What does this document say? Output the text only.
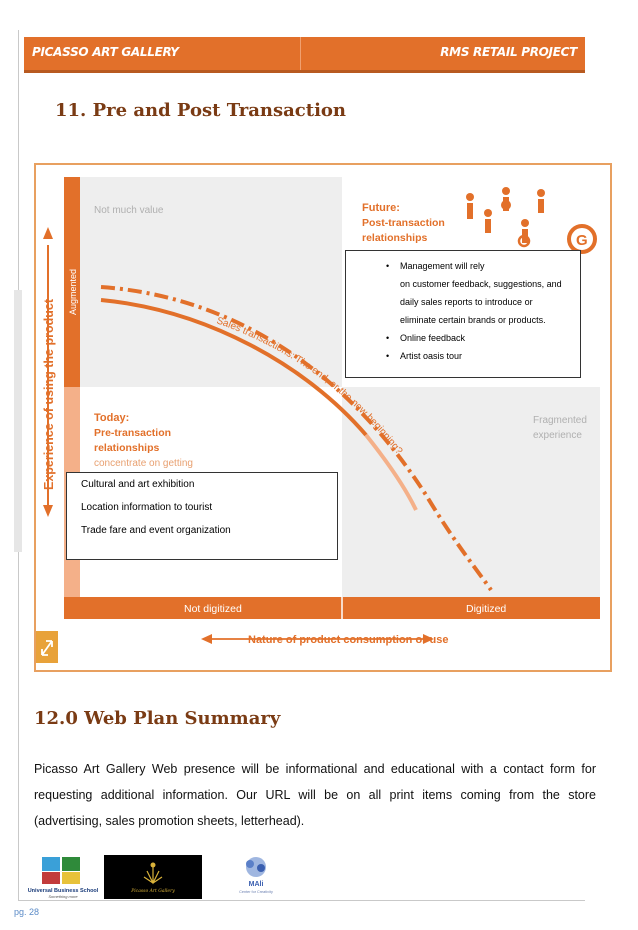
PICASSO ART GALLERY	RMS RETAIL PROJECT
11. Pre and Post Transaction
Experience of using the product
Augmented
Nature of product consumption or use
Not digitized	Digitized
Not much value	Future:
Post-transaction
relationships
Today:
Pre-transaction
relationships
concentrate on getting
Fragmented
experience
G
Sales transactions: The end, or the new beginning?
• Management will rely
on customer feedback, suggestions, and
daily sales reports to introduce or
eliminate certain brands or products.
• Online feedback
• Artist oasis tour
Cultural and art exhibition
Location information to tourist
Trade fare and event organization
12.0 Web Plan Summary
Picasso Art Gallery Web presence will be informational and educational with a contact form for
requesting additional information. Our URL will be on all print items coming from the store
(advertising, sales promotion sheets, letterhead).
Universal Business School
Something more
Picasso Art Gallery
MAli
Center for Creativity
pg. 28
